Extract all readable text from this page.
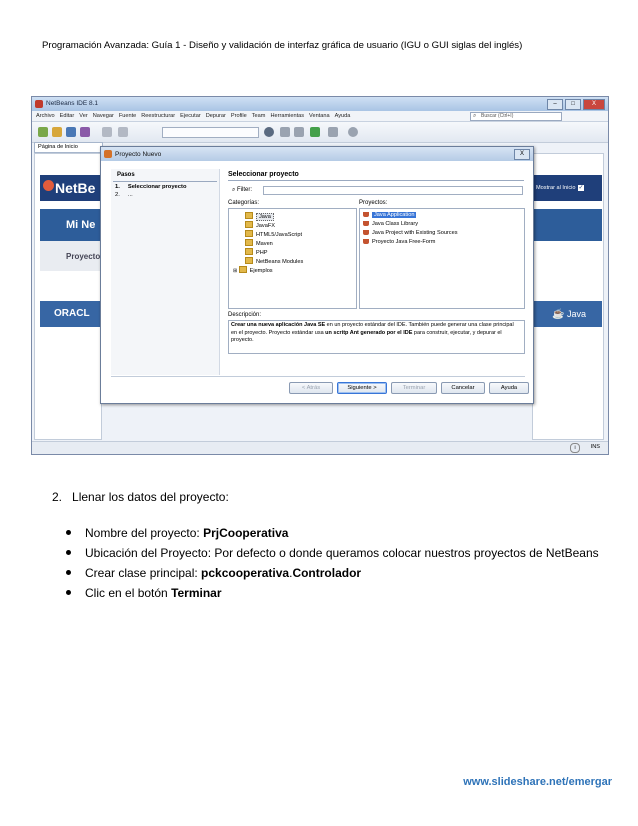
Programación Avanzada: Guía 1 - Diseño y validación de interfaz gráfica de usuario (IGU o GUI siglas del inglés)
NetBeans IDE 8.1	–	□	X
Archivo Editar Ver Navegar Fuente Reestructurar Ejecutar Depurar Profile Team Herramientas Ventana Ayuda	⌕ Buscar (Ctrl+I)
Página de Inicio
NetBe
Mi Ne
Proyecto
ORACL
Mostrar al Inicio ✓
☕ Java
i	INS
Proyecto Nuevo	X
Pasos
1. Seleccionar proyecto
2. ...
Seleccionar proyecto
⌕ Filter:
Categorías:
Java
JavaFX
HTML5/JavaScript
Maven
PHP
NetBeans Modules
⊞ Ejemplos
Proyectos:
Java Application
Java Class Library
Java Project with Existing Sources
Proyecto Java Free-Form
Descripción:
Crear una nueva aplicación Java SE en un proyecto estándar del IDE. También puede generar una clase principal en el proyecto. Proyecto estándar usa un scritp Ant generado por el IDE para construir, ejecutar, y depurar el proyecto.
< Atrás	Siguiente >	Terminar	Cancelar	Ayuda
2. Llenar los datos del proyecto:
Nombre del proyecto: PrjCooperativa
Ubicación del Proyecto: Por defecto o donde queramos colocar nuestros proyectos de NetBeans
Crear clase principal: pckcooperativa.Controlador
Clic en el botón Terminar
www.slideshare.net/emergar
